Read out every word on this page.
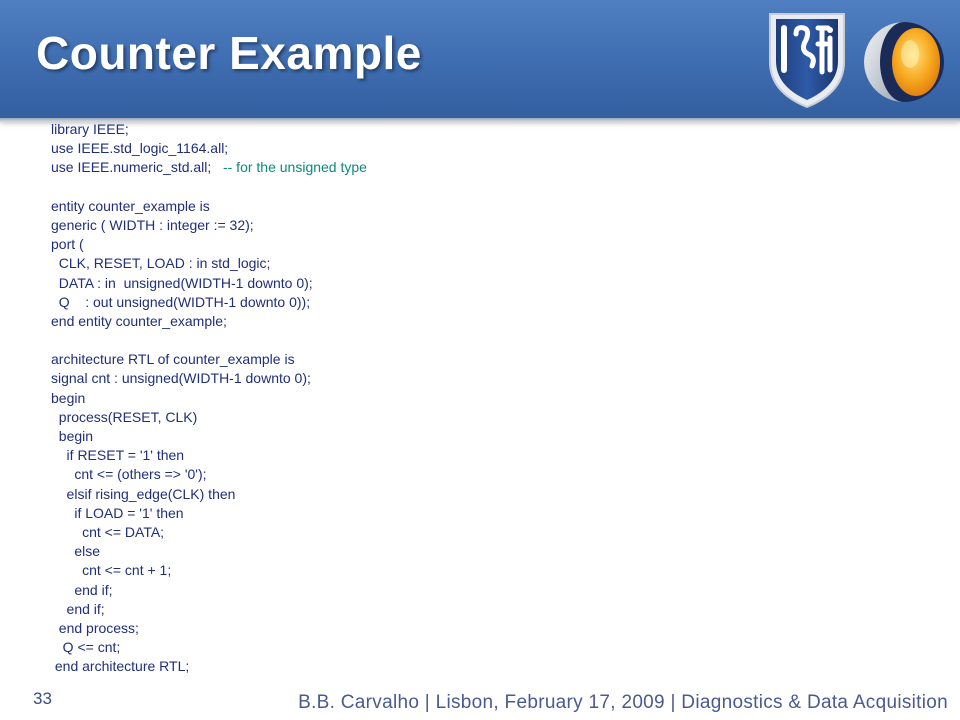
Counter Example
library IEEE;
use IEEE.std_logic_1164.all;
use IEEE.numeric_std.all;   -- for the unsigned type
entity counter_example is
generic ( WIDTH : integer := 32);
port (
CLK, RESET, LOAD : in std_logic;
DATA : in  unsigned(WIDTH-1 downto 0);
Q    : out unsigned(WIDTH-1 downto 0));
end entity counter_example;
architecture RTL of counter_example is
signal cnt : unsigned(WIDTH-1 downto 0);
begin
process(RESET, CLK)
begin
if RESET = '1' then
cnt <= (others => '0');
elsif rising_edge(CLK) then
if LOAD = '1' then
cnt <= DATA;
else
cnt <= cnt + 1;
end if;
end if;
end process;
Q <= cnt;
end architecture RTL;
33	B.B. Carvalho | Lisbon, February 17, 2009 | Diagnostics & Data Acquisition
